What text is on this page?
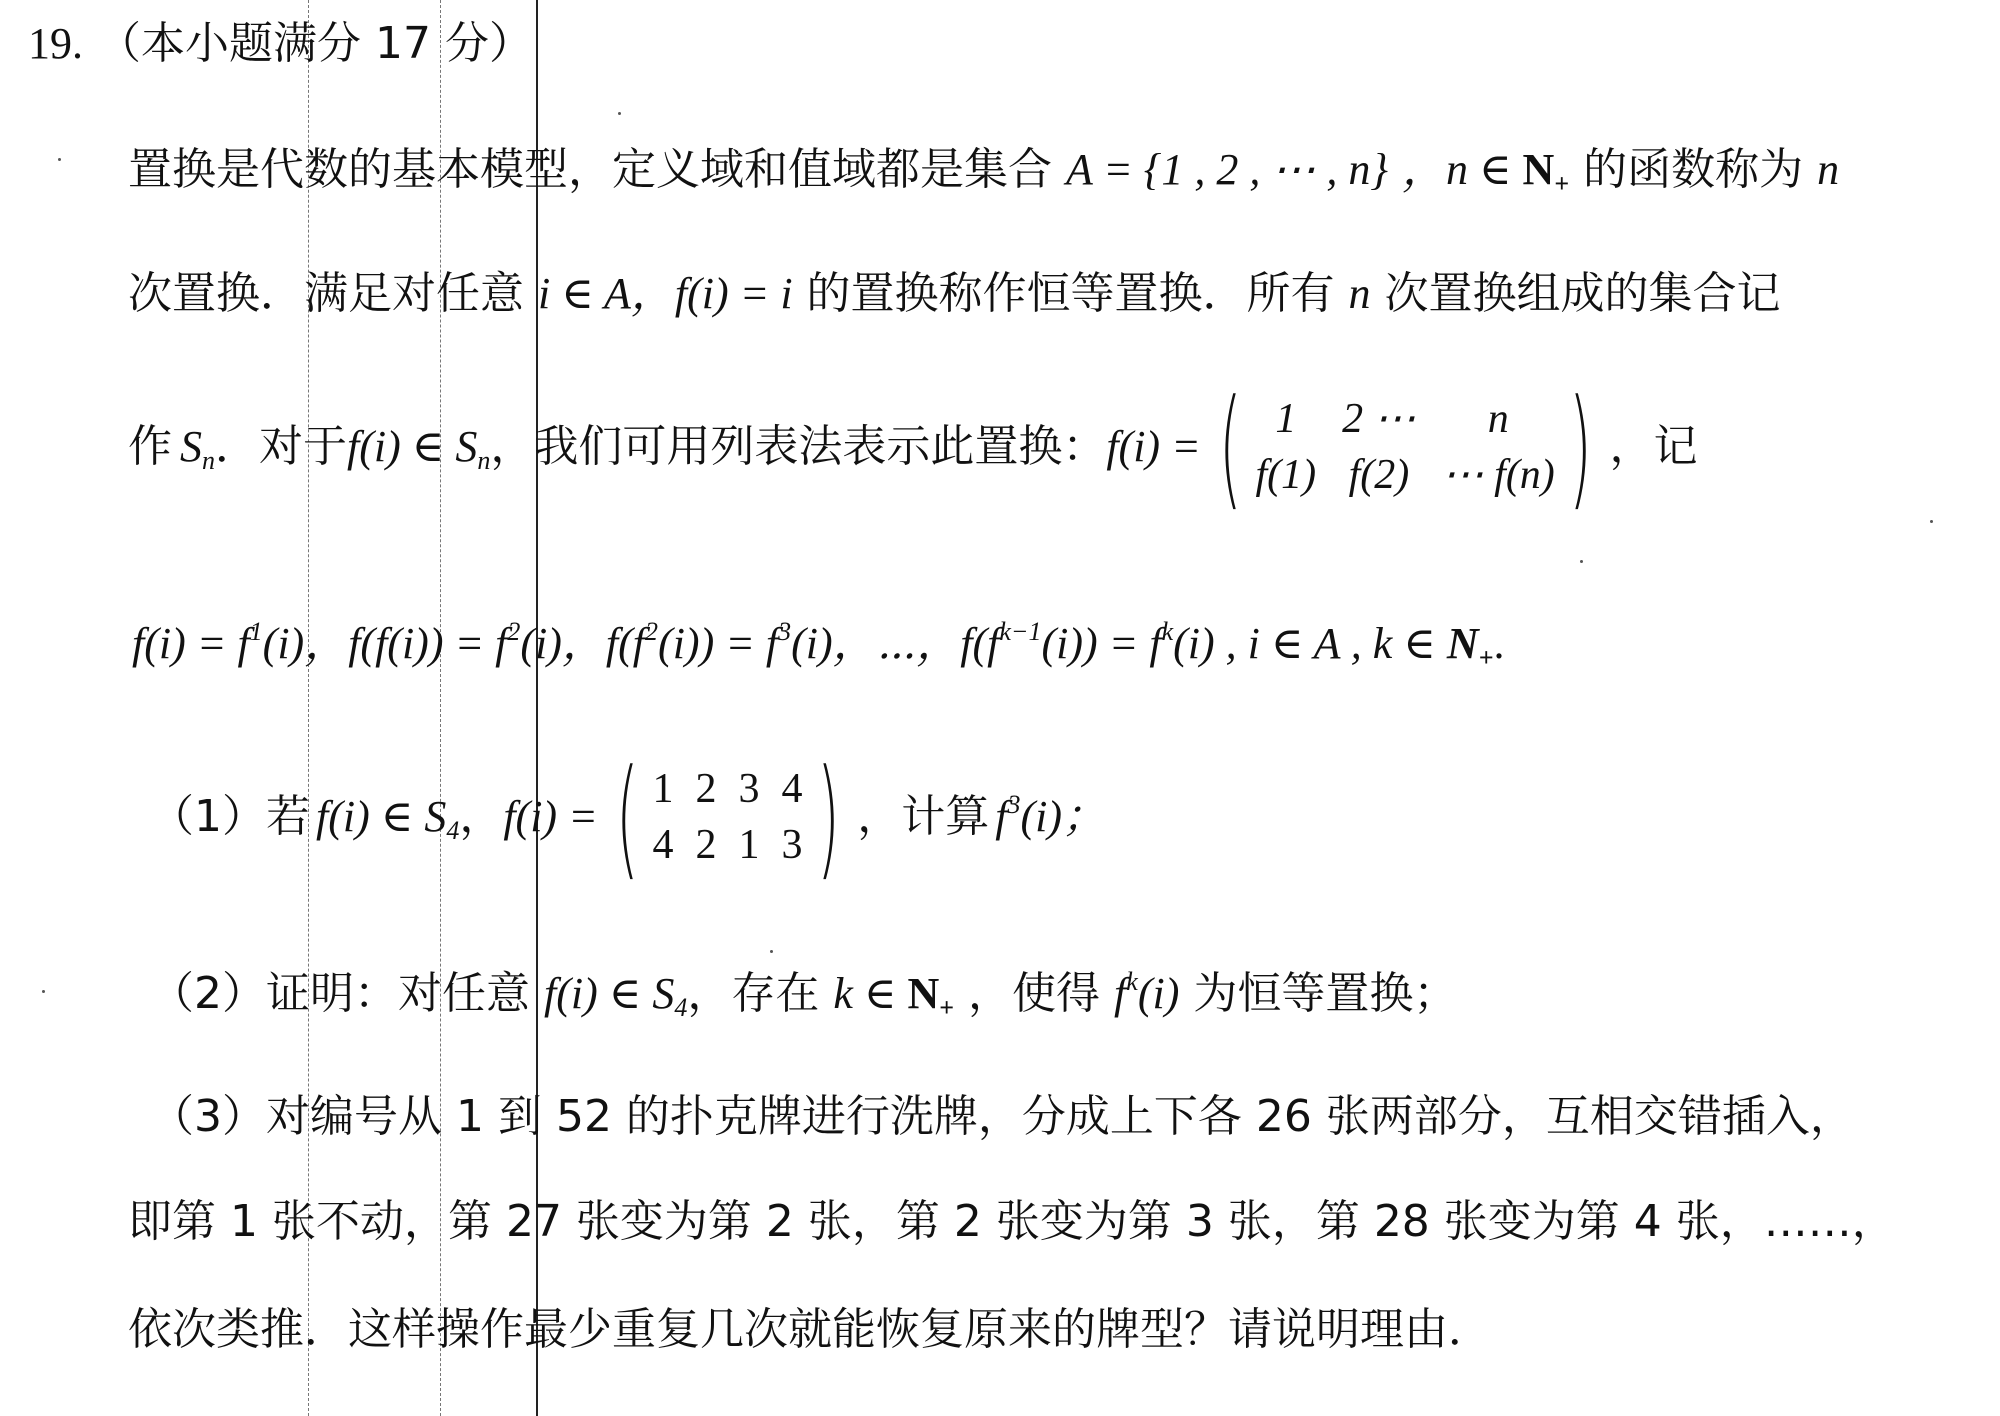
19. （本小题满分 17 分）
置换是代数的基本模型，定义域和值域都是集合 A = {1 , 2 , ⋯ , n} ，n ∈ $N_+$ 的函数称为 n
次置换．满足对任意 i ∈ A，f(i) = i 的置换称作恒等置换．所有 n 次置换组成的集合记
作 $S_n$ ．对于 f(i) ∈ $S_n$ ，我们可用列表法表示此置换： f(i) = ( 1	2 ⋯	n
f(1) f(2) ⋯ f(n) ) ，记
$f(i) = f^1(i)$，$f(f(i)) = f^2(i)$，$f(f^2(i)) = f^3(i)$，⋯，$f(f^{k-1}(i)) = f^k(i)$ , i ∈ A , k ∈ $N_+$.
（1）若 f(i) ∈ $S_4$ ， f(i) = ( 1 2 3 4
4 2 1 3 ) ，计算 $f^3(i)$；
（2）证明：对任意 f(i) ∈ $S_4$，存在 k ∈ $N_+$ ，使得 $f^k(i)$ 为恒等置换；
（3）对编号从 1 到 52 的扑克牌进行洗牌，分成上下各 26 张两部分，互相交错插入，
即第 1 张不动，第 27 张变为第 2 张，第 2 张变为第 3 张，第 28 张变为第 4 张，……，
依次类推．这样操作最少重复几次就能恢复原来的牌型？请说明理由．
